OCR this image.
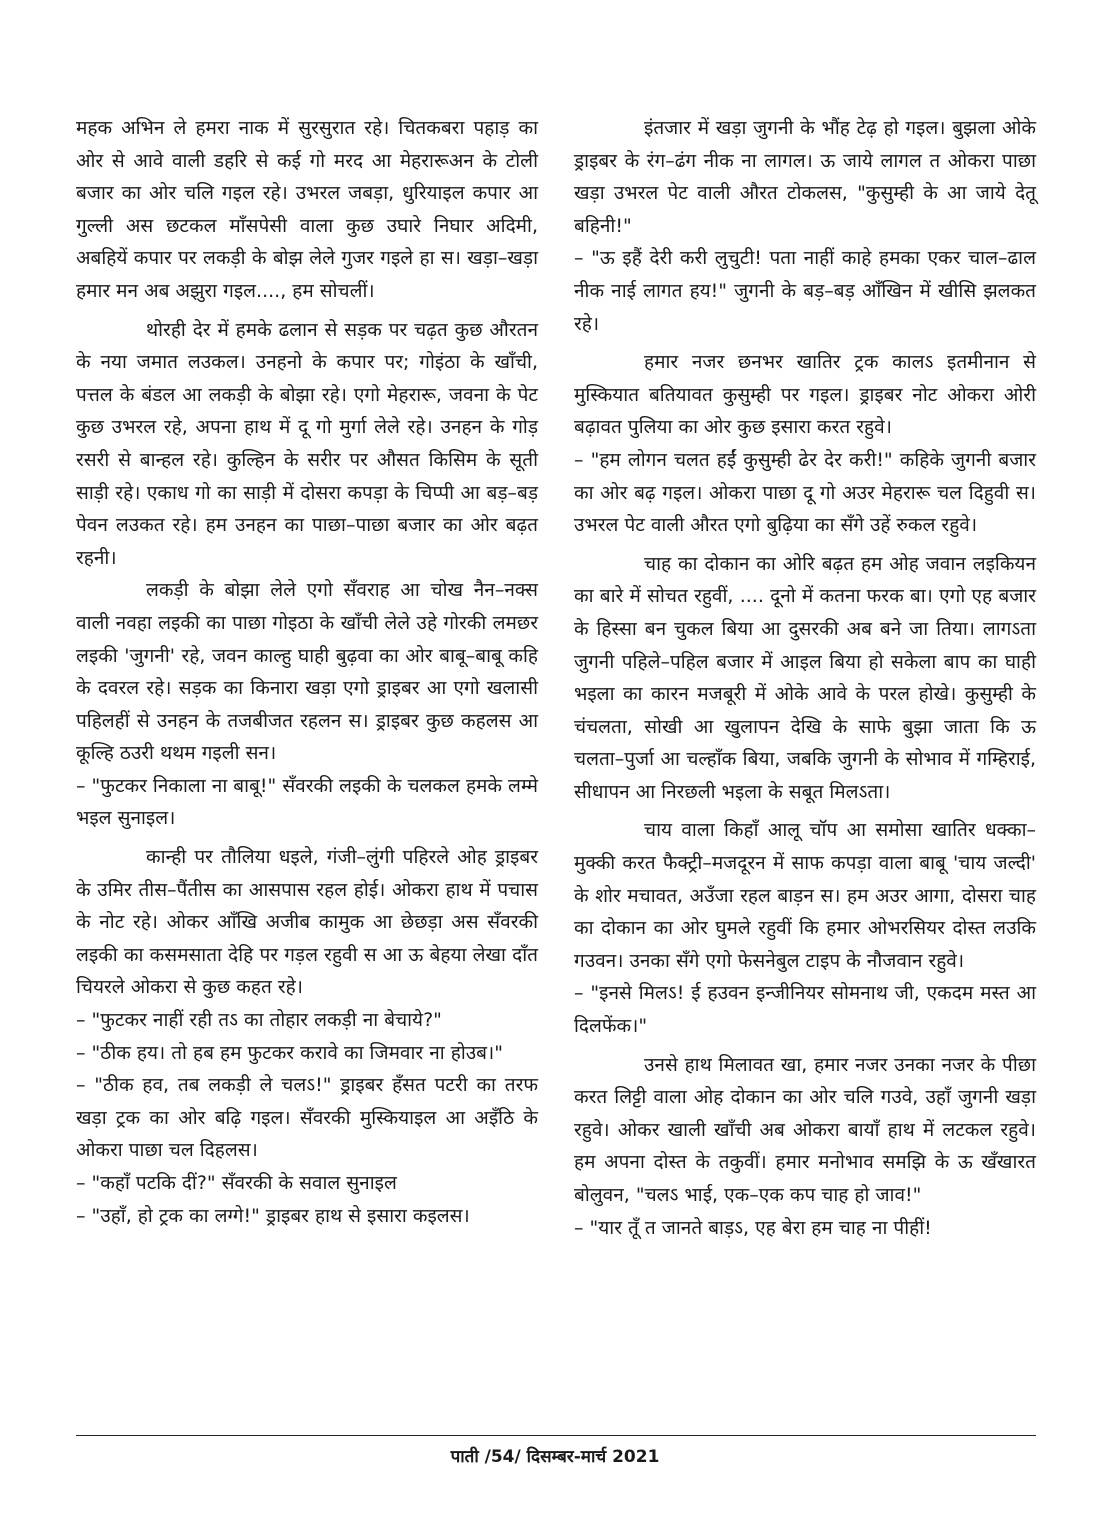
महक अभिन ले हमरा नाक में सुरसुरात रहे। चितकबरा पहाड़ का ओर से आवे वाली डहरि से कई गो मरद आ मेहरारूअन के टोली बजार का ओर चलि गइल रहे। उभरल जबड़ा, धुरियाइल कपार आ गुल्ली अस छटकल माँसपेसी वाला कुछ उघारे निघार अदिमी, अबहियें कपार पर लकड़ी के बोझ लेले गुजर गइले हा स। खड़ा–खड़ा हमार मन अब अझुरा गइल...., हम सोचलीं।

थोरही देर में हमके ढलान से सड़क पर चढ़त कुछ औरतन के नया जमात लउकल। उनहनो के कपार पर; गोइंठा के खाँची, पत्तल के बंडल आ लकड़ी के बोझा रहे। एगो मेहरारू, जवना के पेट कुछ उभरल रहे, अपना हाथ में दू गो मुर्गा लेले रहे। उनहन के गोड़ रसरी से बान्हल रहे। कुल्हिन के सरीर पर औसत किसिम के सूती साड़ी रहे। एकाध गो का साड़ी में दोसरा कपड़ा के चिप्पी आ बड़–बड़ पेवन लउकत रहे। हम उनहन का पाछा–पाछा बजार का ओर बढ़त रहनी।

लकड़ी के बोझा लेले एगो सँवराह आ चोख नैन–नक्स वाली नवहा लइकी का पाछा गोइठा के खाँची लेले उहे गोरकी लमछर लइकी 'जुगनी' रहे, जवन काल्हु घाही बुढ़वा का ओर बाबू–बाबू कहि के दवरल रहे। सड़क का किनारा खड़ा एगो ड्राइबर आ एगो खलासी पहिलहीं से उनहन के तजबीजत रहलन स। ड्राइबर कुछ कहलस आ कूल्हि ठउरी थथम गइली सन।
– "फुटकर निकाला ना बाबू!" सँवरकी लइकी के चलकल हमके लम्मे भइल सुनाइल।

कान्ही पर तौलिया धइले, गंजी–लुंगी पहिरले ओह ड्राइबर के उमिर तीस–पैंतीस का आसपास रहल होई। ओकरा हाथ में पचास के नोट रहे। ओकर आँखि अजीब कामुक आ छेछड़ा अस सँवरकी लइकी का कसमसाता देहि पर गड़ल रहुवी स आ ऊ बेहया लेखा दाँत चियरले ओकरा से कुछ कहत रहे।
– "फुटकर नाहीं रही तऽ का तोहार लकड़ी ना बेचाये?"
– "ठीक हय। तो हब हम फुटकर करावे का जिमवार ना होउब।"
– "ठीक हव, तब लकड़ी ले चलऽ!" ड्राइबर हँसत पटरी का तरफ खड़ा ट्रक का ओर बढ़ि गइल। सँवरकी मुस्कियाइल आ अइँठि के ओकरा पाछा चल दिहलस।
– "कहाँ पटकि दीं?" सँवरकी के सवाल सुनाइल
– "उहाँ, हो ट्रक का लग्गे!" ड्राइबर हाथ से इसारा कइलस।

इंतजार में खड़ा जुगनी के भौंह टेढ़ हो गइल। बुझला ओके ड्राइबर के रंग–ढंग नीक ना लागल। ऊ जाये लागल त ओकरा पाछा खड़ा उभरल पेट वाली औरत टोकलस, "कुसुम्ही के आ जाये देतू बहिनी!"
– "ऊ इहैं देरी करी लुचुटी! पता नाहीं काहे हमका एकर चाल–ढाल नीक नाई लागत हय!" जुगनी के बड़–बड़ आँखिन में खीसि झलकत रहे।

हमार नजर छनभर खातिर ट्रक कालऽ इतमीनान से मुस्कियात बतियावत कुसुम्ही पर गइल। ड्राइबर नोट ओकरा ओरी बढ़ावत पुलिया का ओर कुछ इसारा करत रहुवे।
– "हम लोगन चलत हईं कुसुम्ही ढेर देर करी!" कहिके जुगनी बजार का ओर बढ़ गइल। ओकरा पाछा दू गो अउर मेहरारू चल दिहुवी स। उभरल पेट वाली औरत एगो बुढ़िया का सँगे उहें रुकल रहुवे।

चाह का दोकान का ओरि बढ़त हम ओह जवान लइकियन का बारे में सोचत रहुवीं, .... दूनो में कतना फरक बा। एगो एह बजार के हिस्सा बन चुकल बिया आ दुसरकी अब बने जा तिया। लागऽता जुगनी पहिले–पहिल बजार में आइल बिया हो सकेला बाप का घाही भइला का कारन मजबूरी में ओके आवे के परल होखे। कुसुम्ही के चंचलता, सोखी आ खुलापन देखि के साफे बुझा जाता कि ऊ चलता–पुर्जा आ चल्हाँक बिया, जबकि जुगनी के सोभाव में गम्हिराई, सीधापन आ निरछली भइला के सबूत मिलऽता।

चाय वाला किहाँ आलू चॉप आ समोसा खातिर धक्का–मुक्की करत फैक्ट्री–मजदूरन में साफ कपड़ा वाला बाबू 'चाय जल्दी' के शोर मचावत, अउँजा रहल बाड़न स। हम अउर आगा, दोसरा चाह का दोकान का ओर घुमले रहुवीं कि हमार ओभरसियर दोस्त लउकि गउवन। उनका सँगे एगो फेसनेबुल टाइप के नौजवान रहुवे।
– "इनसे मिलऽ! ई हउवन इन्जीनियर सोमनाथ जी, एकदम मस्त आ दिलफेंक।"

उनसे हाथ मिलावत खा, हमार नजर उनका नजर के पीछा करत लिट्टी वाला ओह दोकान का ओर चलि गउवे, उहाँ जुगनी खड़ा रहुवे। ओकर खाली खाँची अब ओकरा बायाँ हाथ में लटकल रहुवे। हम अपना दोस्त के तकुवीं। हमार मनोभाव समझि के ऊ खँखारत बोलुवन, "चलऽ भाई, एक–एक कप चाह हो जाव!"
– "यार तूँ त जानते बाड़ऽ, एह बेरा हम चाह ना पीहीं!

पाती /54/ दिसम्बर-मार्च 2021
